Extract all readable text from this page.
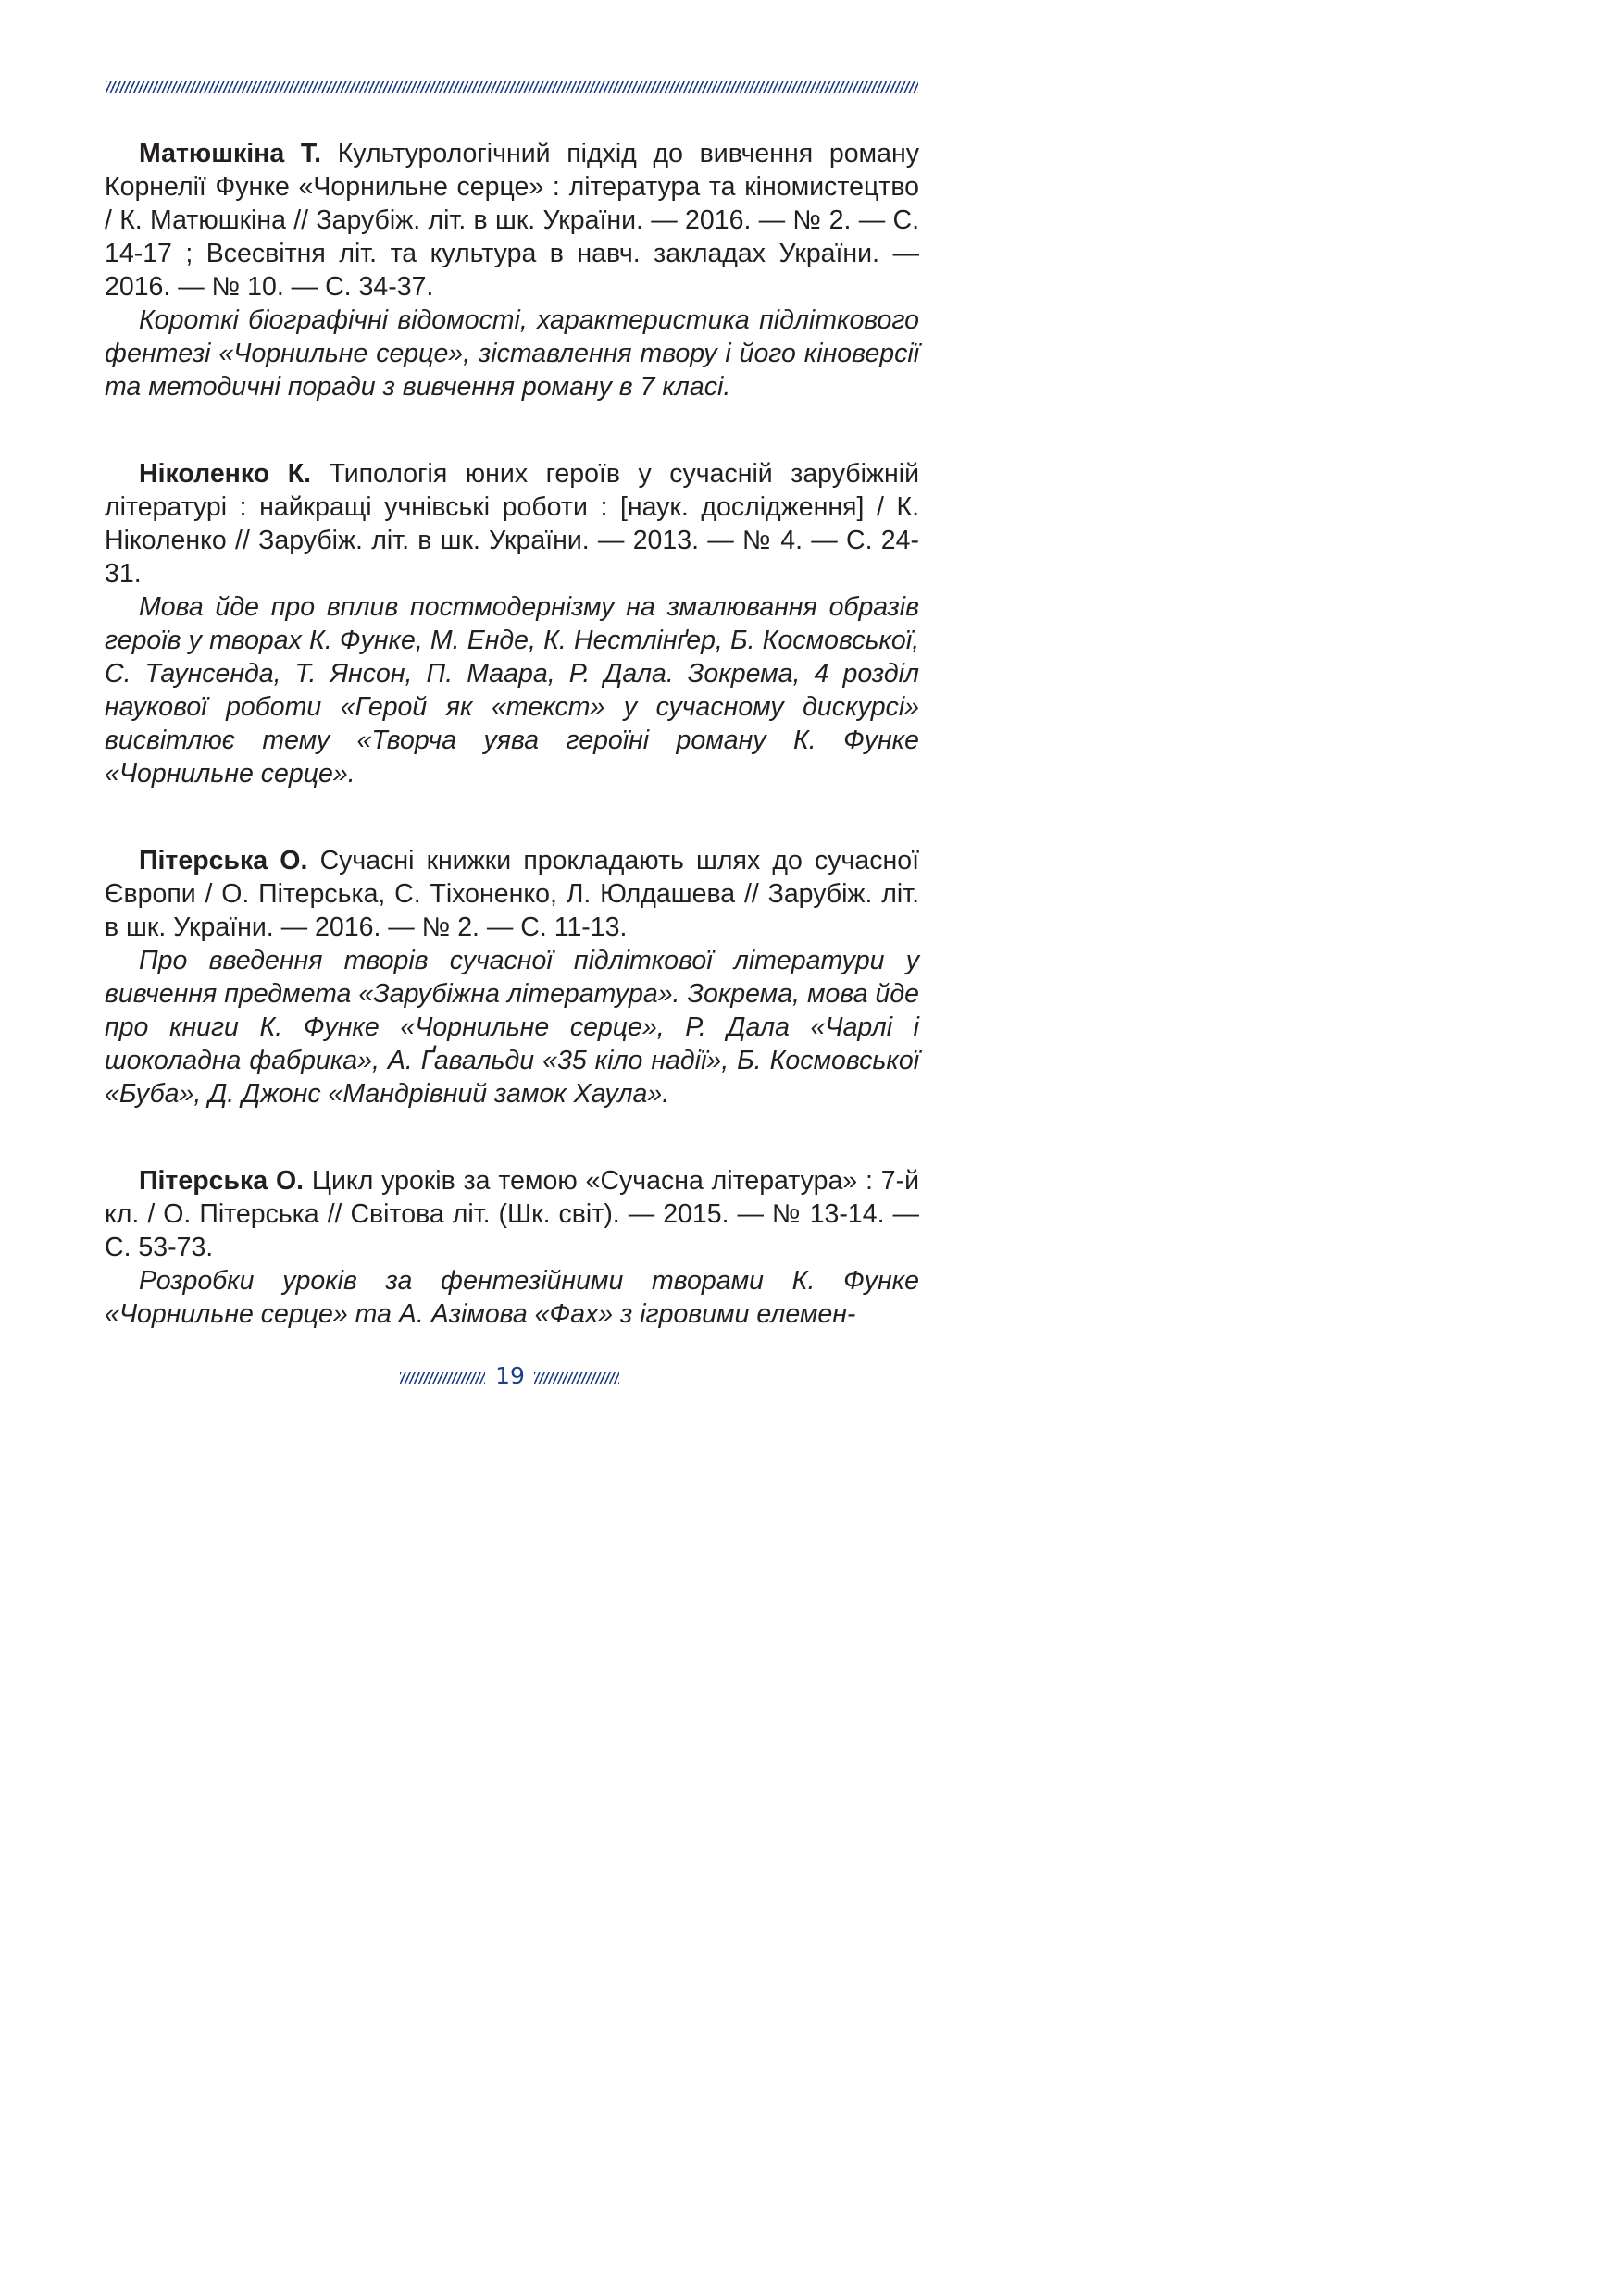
Матюшкіна Т. Культурологічний підхід до вивчення роману Корнелії Функе «Чорнильне серце» : література та кіномистецтво / К. Матюшкіна // Зарубіж. літ. в шк. України. — 2016. — № 2. — С. 14-17 ; Всесвітня літ. та культура в навч. закладах України. — 2016. — № 10. — С. 34-37.

Короткі біографічні відомості, характеристика підліткового фентезі «Чорнильне серце», зіставлення твору і його кіноверсії та методичні поради з вивчення роману в 7 класі.

Ніколенко К. Типологія юних героїв у сучасній зарубіжній літературі : найкращі учнівські роботи : [наук. дослідження] / К. Ніколенко // Зарубіж. літ. в шк. України. — 2013. — № 4. — С. 24-31.

Мова йде про вплив постмодернізму на змалювання образів героїв у творах К. Функе, М. Енде, К. Нестлінґер, Б. Космовської, С. Таунсенда, Т. Янсон, П. Маара, Р. Дала. Зокрема, 4 розділ наукової роботи «Герой як «текст» у сучасному дискурсі» висвітлює тему «Творча уява героїні роману К. Функе «Чорнильне серце».

Пітерська О. Сучасні книжки прокладають шлях до сучасної Європи / О. Пітерська, С. Тіхоненко, Л. Юлдашева // Зарубіж. літ. в шк. України. — 2016. — № 2. — С. 11-13.

Про введення творів сучасної підліткової літератури у вивчення предмета «Зарубіжна література». Зокрема, мова йде про книги К. Функе «Чорнильне серце», Р. Дала «Чарлі і шоколадна фабрика», А. Ґавальди «35 кіло надії», Б. Космовської «Буба», Д. Джонс «Мандрівний замок Хаула».

Пітерська О. Цикл уроків за темою «Сучасна література» : 7-й кл. / О. Пітерська // Світова літ. (Шк. світ). — 2015. — № 13-14. — С. 53-73.

Розробки уроків за фентезійними творами К. Функе «Чорнильне серце» та А. Азімова «Фах» з ігровими елемен-

19
